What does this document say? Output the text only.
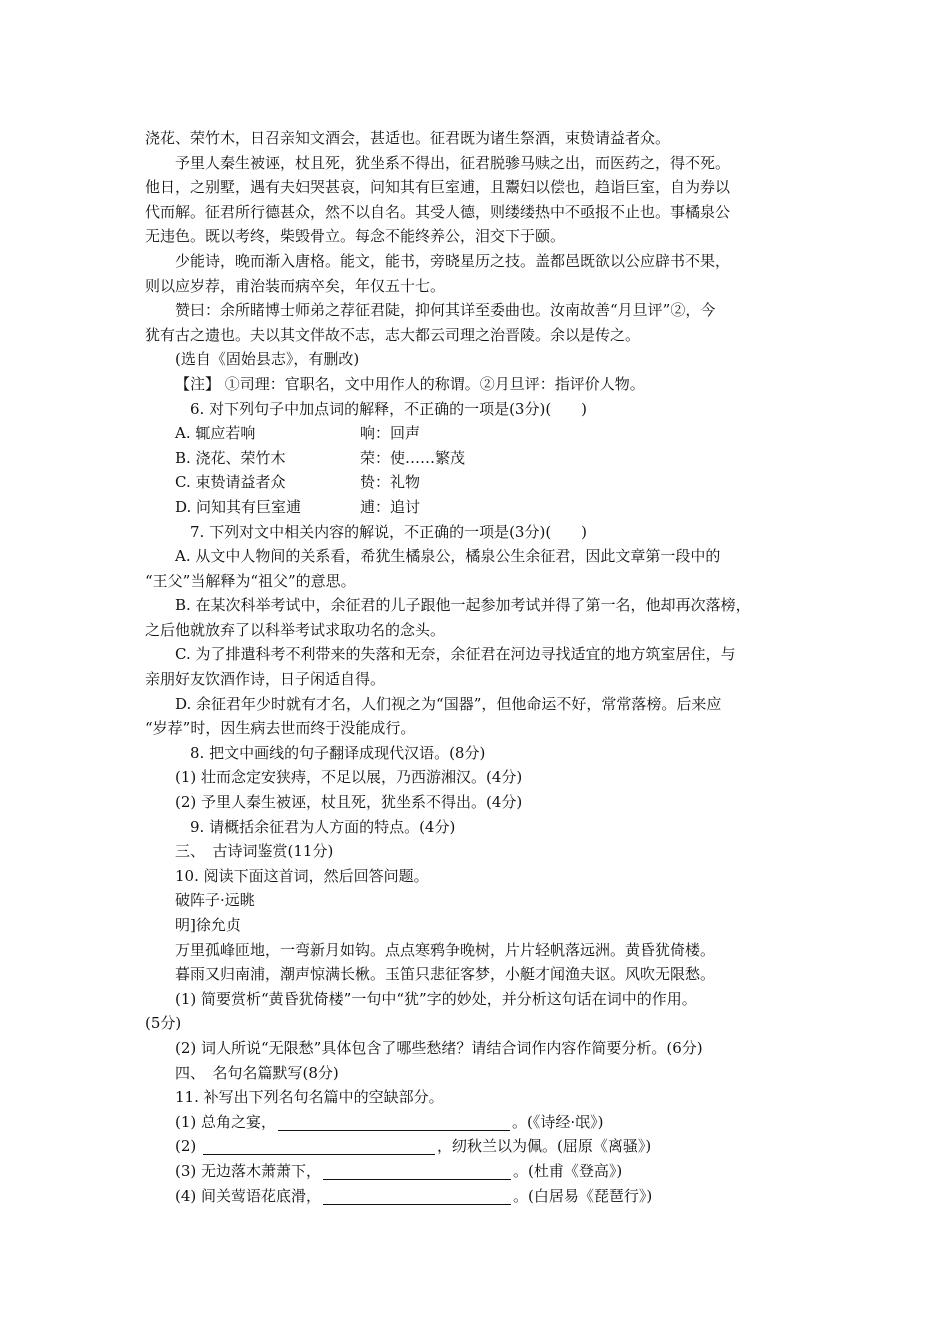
浇花、荣竹木，日召亲知文酒会，甚适也。征君既为诸生祭酒，束贽请益者众。
予里人秦生被诬，杖且死，犹坐系不得出，征君脱骖马赎之出，而医药之，得不死。
他日，之别墅，遇有夫妇哭甚哀，问知其有巨室逋，且鬻妇以偿也，趋诣巨室，自为券以
代而解。征君所行德甚众，然不以自名。其受人德，则缕缕热中不亟报不止也。事橘泉公
无违色。既以考终，柴毁骨立。每念不能终养公，泪交下于颐。
少能诗，晚而渐入唐格。能文，能书，旁晓星历之技。盖都邑既欲以公应辟书不果，
则以应岁荐，甫治装而病卒矣，年仅五十七。
赞曰：余所睹博士师弟之荐征君陡，抑何其详至委曲也。汝南故善“月旦评”②，今
犹有古之遗也。夫以其文伴故不志，志大都云司理之治晋陵。余以是传之。
(选自《固始县志》，有删改)
【注】 ①司理：官职名，文中用作人的称谓。②月旦评：指评价人物。
6. 对下列句子中加点词的解释，不正确的一项是(3分)(　　)
A. 辄应若响	响：回声
B. 浇花、荣竹木	荣：使……繁茂
C. 束贽请益者众	贽：礼物
D. 问知其有巨室逋	逋：追讨
7. 下列对文中相关内容的解说，不正确的一项是(3分)(　　)
A. 从文中人物间的关系看，希犹生橘泉公，橘泉公生余征君，因此文章第一段中的
“王父”当解释为“祖父”的意思。
B. 在某次科举考试中，余征君的儿子跟他一起参加考试并得了第一名，他却再次落榜，
之后他就放弃了以科举考试求取功名的念头。
C. 为了排遣科考不利带来的失落和无奈，余征君在河边寻找适宜的地方筑室居住，与
亲朋好友饮酒作诗，日子闲适自得。
D. 余征君年少时就有才名，人们视之为“国器”，但他命运不好，常常落榜。后来应
“岁荐”时，因生病去世而终于没能成行。
8. 把文中画线的句子翻译成现代汉语。(8分)
(1) 壮而念定安狭痔，不足以展，乃西游湘汉。(4分)
(2) 予里人秦生被诬，杖且死，犹坐系不得出。(4分)
9. 请概括余征君为人方面的特点。(4分)
三、　古诗词鉴赏(11分)
10. 阅读下面这首词，然后回答问题。
破阵子·远眺
明]徐允贞
万里孤峰匝地，一弯新月如钩。点点寒鸦争晚树，片片轻帆落远洲。黄昏犹倚楼。
暮雨又归南浦，潮声惊满长楸。玉笛只悲征客梦，小艇才闻渔夫讴。风吹无限愁。
(1) 简要赏析“黄昏犹倚楼”一句中“犹”字的妙处，并分析这句话在词中的作用。
(5分)
(2) 词人所说“无限愁”具体包含了哪些愁绪？请结合词作内容作简要分析。(6分)
四、　名句名篇默写(8分)
11. 补写出下列名句名篇中的空缺部分。
(1) 总角之宴，	。(《诗经·氓》)
(2)	，纫秋兰以为佩。(屈原《离骚》)
(3) 无边落木萧萧下，	。(杜甫《登高》)
(4) 间关莺语花底滑，	。(白居易《琵琶行》)
